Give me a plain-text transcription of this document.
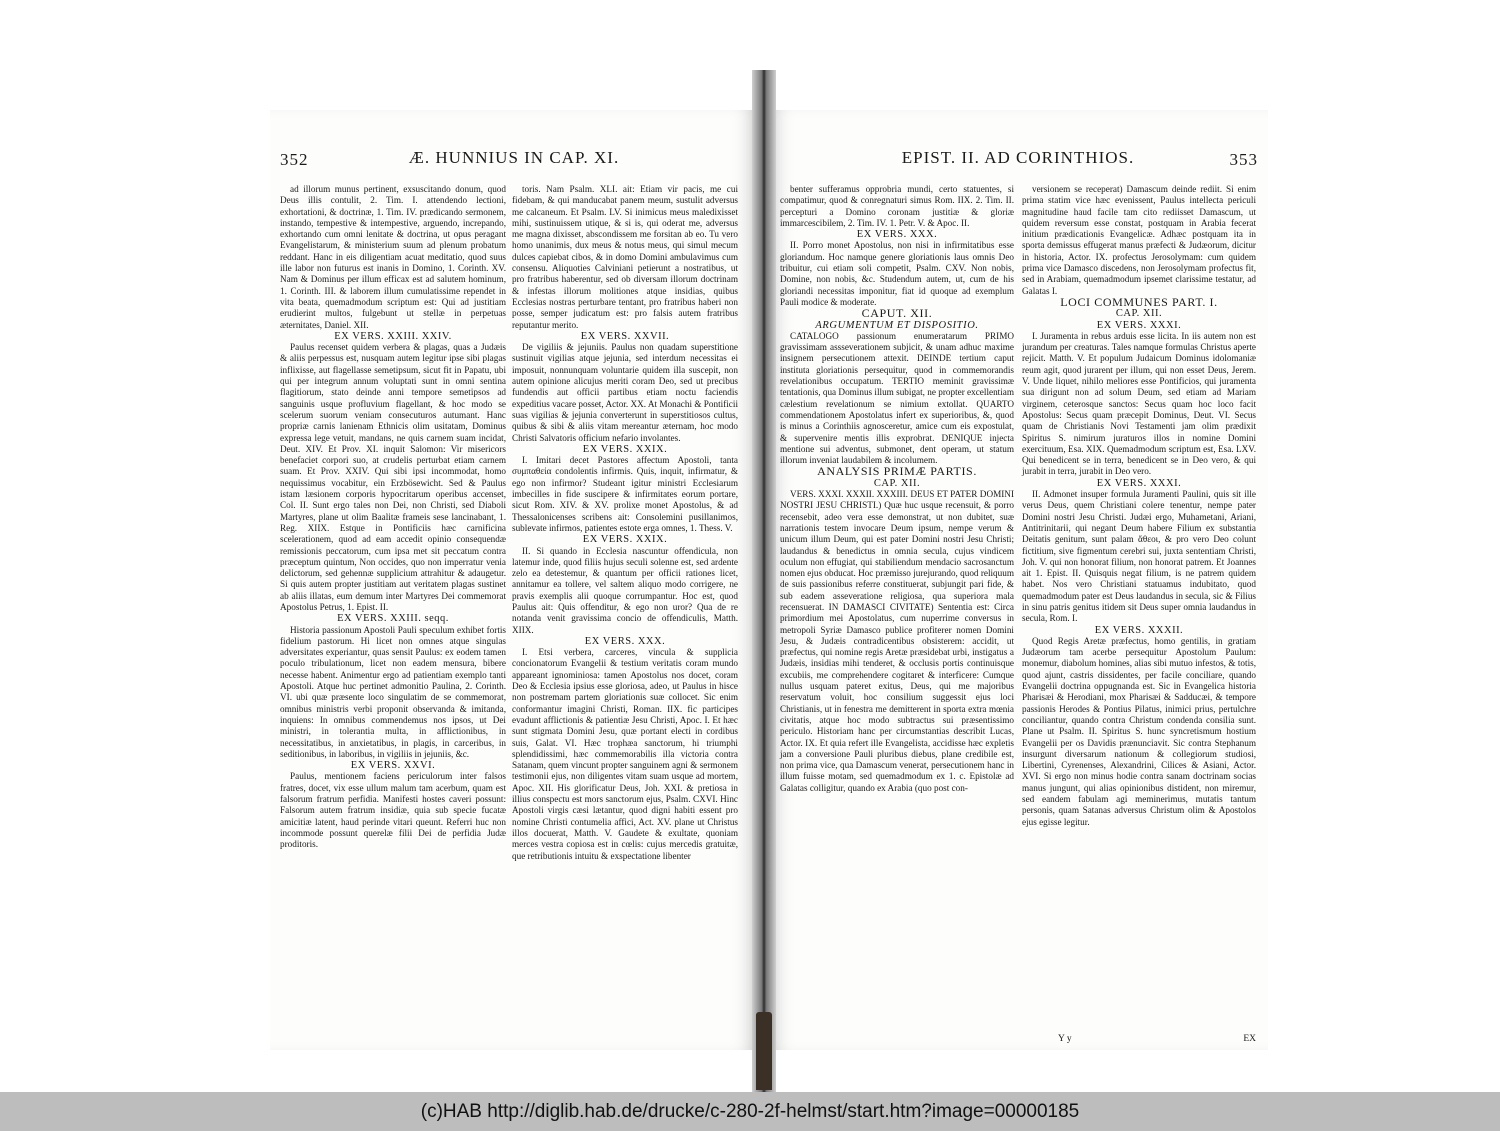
352	Æ. HUNNIUS IN CAP. XI.

ad illorum munus pertinent, exsuscitando donum, quod Deus illis contulit, 2. Tim. I. attendendo lectioni, exhortationi, & doctrinæ, 1. Tim. IV. prædicando sermonem, instando, tempestive & intempestive, arguendo, increpando, exhortando cum omni lenitate & doctrina, ut opus peragant Evangelistarum, & ministerium suum ad plenum probatum reddant. Hanc in eis diligentiam acuat meditatio, quod suus ille labor non futurus est inanis in Domino, 1. Corinth. XV. Nam & Dominus per illum efficax est ad salutem hominum, 1. Corinth. III. & laborem illum cumulatissime rependet in vita beata, quemadmodum scriptum est: Qui ad justitiam erudierint multos, fulgebunt ut stellæ in perpetuas æternitates, Daniel. XII.

EX VERS. XXIII. XXIV.

Paulus recenset quidem verbera & plagas, quas a Judæis & aliis perpessus est, nusquam autem legitur ipse sibi plagas inflixisse, aut flagellasse semetipsum, sicut fit in Papatu, ubi qui per integrum annum voluptati sunt in omni sentina flagitiorum, stato deinde anni tempore semetipsos ad sanguinis usque profluvium flagellant, & hoc modo se scelerum suorum veniam consecuturos autumant. Hanc propriæ carnis lanienam Ethnicis olim usitatam, Dominus expressa lege vetuit, mandans, ne quis carnem suam incidat, Deut. XIV. Et Prov. XI. inquit Salomon: Vir misericors benefaciet corpori suo, at crudelis perturbat etiam carnem suam. Et Prov. XXIV. Qui sibi ipsi incommodat, homo nequissimus vocabitur, ein Erzbösewicht. Sed & Paulus istam læsionem corporis hypocritarum operibus accenset, Col. II. Sunt ergo tales non Dei, non Christi, sed Diaboli Martyres, plane ut olim Baalitæ frameis sese lancinabant, 1. Reg. XIIX. Estque in Pontificiis hæc carnificina scelerationem, quod ad eam accedit opinio consequendæ remissionis peccatorum, cum ipsa met sit peccatum contra præceptum quintum, Non occides, quo non imperratur venia delictorum, sed gehennæ supplicium attrahitur & adaugetur. Si quis autem propter justitiam aut veritatem plagas sustinet ab aliis illatas, eum demum inter Martyres Dei commemorat Apostolus Petrus, 1. Epist. II.

EX VERS. XXIII. seqq.

Historia passionum Apostoli Pauli speculum exhibet fortis fidelium pastorum. Hi licet non omnes atque singulas adversitates experiantur, quas sensit Paulus: ex eodem tamen poculo tribulationum, licet non eadem mensura, bibere necesse habent. Animentur ergo ad patientiam exemplo tanti Apostoli. Atque huc pertinet admonitio Paulina, 2. Corinth. VI. ubi quæ præsente loco singulatim de se commemorat, omnibus ministris verbi proponit observanda & imitanda, inquiens: In omnibus commendemus nos ipsos, ut Dei ministri, in tolerantia multa, in afflictionibus, in necessitatibus, in anxietatibus, in plagis, in carceribus, in seditionibus, in laboribus, in vigiliis in jejuniis, &c.

EX VERS. XXVI.

Paulus, mentionem faciens periculorum inter falsos fratres, docet, vix esse ullum malum tam acerbum, quam est falsorum fratrum perfidia. Manifesti hostes caveri possunt: Falsorum autem fratrum insidiæ, quia sub specie fucatæ amicitiæ latent, haud perinde vitari queunt. Referri huc non incommode possunt querelæ filii Dei de perfidia Judæ proditoris.

toris. Nam Psalm. XLI. ait: Etiam vir pacis, me cui fidebam, & qui manducabat panem meum, sustulit adversus me calcaneum. Et Psalm. LV. Si inimicus meus maledixisset mihi, sustinuissem utique, & si is, qui oderat me, adversus me magna dixisset, abscondissem me forsitan ab eo. Tu vero homo unanimis, dux meus & notus meus, qui simul mecum dulces capiebat cibos, & in domo Domini ambulavimus cum consensu. Aliquoties Calviniani petierunt a nostratibus, ut pro fratribus haberentur, sed ob diversam illorum doctrinam & infestas illorum molitiones atque insidias, quibus Ecclesias nostras perturbare tentant, pro fratribus haberi non posse, semper judicatum est: pro falsis autem fratribus reputantur merito.

EX VERS. XXVII.

De vigiliis & jejuniis. Paulus non quadam superstitione sustinuit vigilias atque jejunia, sed interdum necessitas ei imposuit, nonnunquam voluntarie quidem illa suscepit, non autem opinione alicujus meriti coram Deo, sed ut precibus fundendis aut officii partibus etiam noctu faciendis expeditius vacare posset, Actor. XX. At Monachi & Pontificii suas vigilias & jejunia converterunt in superstitiosos cultus, quibus & sibi & aliis vitam mereantur æternam, hoc modo Christi Salvatoris officium nefario involantes.

EX VERS. XXIX.

I. Imitari decet Pastores affectum Apostoli, tanta συμπαθεία condolentis infirmis. Quis, inquit, infirmatur, & ego non infirmor? Studeant igitur ministri Ecclesiarum imbecilles in fide suscipere & infirmitates eorum portare, sicut Rom. XIV. & XV. prolixe monet Apostolus, & ad Thessalonicenses scribens ait: Consolemini pusillanimos, sublevate infirmos, patientes estote erga omnes, 1. Thess. V.

EX VERS. XXIX.

II. Si quando in Ecclesia nascuntur offendicula, non latemur inde, quod filiis hujus seculi solenne est, sed ardente zelo ea detestemur, & quantum per officii rationes licet, annitamur ea tollere, vel saltem aliquo modo corrigere, ne pravis exemplis alii quoque corrumpantur. Hoc est, quod Paulus ait: Quis offenditur, & ego non uror? Qua de re notanda venit gravissima concio de offendiculis, Matth. XIIX.

EX VERS. XXX.

I. Etsi verbera, carceres, vincula & supplicia concionatorum Evangelii & testium veritatis coram mundo appareant ignominiosa: tamen Apostolus nos docet, coram Deo & Ecclesia ipsius esse gloriosa, adeo, ut Paulus in hisce non postremam partem gloriationis suæ collocet. Sic enim conformantur imagini Christi, Roman. IIX. fic participes evadunt afflictionis & patientiæ Jesu Christi, Apoc. I. Et hæc sunt stigmata Domini Jesu, quæ portant electi in cordibus suis, Galat. VI. Hæc trophæa sanctorum, hi triumphi splendidissimi, hæc commemorabilis illa victoria contra Satanam, quem vincunt propter sanguinem agni & sermonem testimonii ejus, non diligentes vitam suam usque ad mortem, Apoc. XII. His glorificatur Deus, Joh. XXI. & pretiosa in illius conspectu est mors sanctorum ejus, Psalm. CXVI. Hinc Apostoli virgis cæsi lætantur, quod digni habiti essent pro nomine Christi contumelia affici, Act. XV. plane ut Christus illos docuerat, Matth. V. Gaudete & exultate, quoniam merces vestra copiosa est in cœlis: cujus mercedis gratuitæ, que retributionis intuitu & exspectatione libenter

EPIST. II. AD CORINTHIOS.	353

benter sufferamus opprobria mundi, certo statuentes, si compatimur, quod & conregnaturi simus Rom. IIX. 2. Tim. II. percepturi a Domino coronam justitiæ & gloriæ immarcescibilem, 2. Tim. IV. 1. Petr. V. & Apoc. II.

EX VERS. XXX.

II. Porro monet Apostolus, non nisi in infirmitatibus esse gloriandum. Hoc namque genere gloriationis laus omnis Deo tribuitur, cui etiam soli competit, Psalm. CXV. Non nobis, Domine, non nobis, &c. Studendum autem, ut, cum de his gloriandi necessitas imponitur, fiat id quoque ad exemplum Pauli modice & moderate.

CAPUT. XII.

ARGUMENTUM ET DISPOSITIO.

CATALOGO passionum enumeratarum PRIMO gravissimam assseverationem subjicit, & unam adhuc maxime insignem persecutionem attexit. DEINDE tertium caput instituta gloriationis persequitur, quod in commemorandis revelationibus occupatum. TERTIO meminit gravissimæ tentationis, qua Dominus illum subigat, ne propter excellentiam cælestium revelationum se nimium extollat. QUARTO commendationem Apostolatus infert ex superioribus, &, quod is minus a Corinthiis agnosceretur, amice cum eis expostulat, & supervenire mentis illis exprobrat. DENIQUE injecta mentione sui adventus, submonet, dent operam, ut statum illorum inveniat laudabilem & incolumem.

ANALYSIS PRIMÆ PARTIS.

CAP. XII.

VERS. XXXI. XXXII. XXXIII. DEUS ET PATER DOMINI NOSTRI JESU CHRISTI.) Quæ huc usque recensuit, & porro recensebit, adeo vera esse demonstrat, ut non dubitet, suæ narrationis testem invocare Deum ipsum, nempe verum & unicum illum Deum, qui est pater Domini nostri Jesu Christi; laudandus & benedictus in omnia secula, cujus vindicem oculum non effugiat, qui stabiliendum mendacio sacrosanctum nomen ejus obducat. Hoc præmisso jurejurando, quod reliquum de suis passionibus referre constituerat, subjungit pari fide, & sub eadem asseveratione religiosa, qua superiora mala recensuerat. IN DAMASCI CIVITATE) Sententia est: Circa primordium mei Apostolatus, cum nuperrime conversus in metropoli Syriæ Damasco publice profiterer nomen Domini Jesu, & Judæis contradicentibus obsisterem: accidit, ut præfectus, qui nomine regis Aretæ præsidebat urbi, instigatus a Judæis, insidias mihi tenderet, & occlusis portis continuisque excubiis, me comprehendere cogitaret & interficere: Cumque nullus usquam pateret exitus, Deus, qui me majoribus reservatum voluit, hoc consilium suggessit ejus loci Christianis, ut in fenestra me demitterent in sporta extra mœnia civitatis, atque hoc modo subtractus sui præsentissimo periculo. Historiam hanc per circumstantias describit Lucas, Actor. IX. Et quia refert ille Evangelista, accidisse hæc expletis jam a conversione Pauli pluribus diebus, plane credibile est, non prima vice, qua Damascum venerat, persecutionem hanc in illum fuisse motam, sed quemadmodum ex 1. c. Epistolæ ad Galatas colligitur, quando ex Arabia (quo post con-

versionem se receperat) Damascum deinde rediit. Si enim prima statim vice hæc evenissent, Paulus intellecta periculi magnitudine haud facile tam cito rediisset Damascum, ut quidem reversum esse constat, postquam in Arabia fecerat initium prædicationis Evangelicæ. Adhæc postquam ita in sporta demissus effugerat manus præfecti & Judæorum, dicitur in historia, Actor. IX. profectus Jerosolymam: cum quidem prima vice Damasco discedens, non Jerosolymam profectus fit, sed in Arabiam, quemadmodum ipsemet clarissime testatur, ad Galatas I.

LOCI COMMUNES PART. I.

CAP. XII.

EX VERS. XXXI.

I. Juramenta in rebus arduis esse licita. In iis autem non est jurandum per creaturas. Tales namque formulas Christus aperte rejicit. Matth. V. Et populum Judaicum Dominus idolomaniæ reum agit, quod jurarent per illum, qui non esset Deus, Jerem. V. Unde liquet, nihilo meliores esse Pontificios, qui juramenta sua dirigunt non ad solum Deum, sed etiam ad Mariam virginem, ceterosque sanctos: Secus quam hoc loco facit Apostolus: Secus quam præcepit Dominus, Deut. VI. Secus quam de Christianis Novi Testamenti jam olim prædixit Spiritus S. nimirum juraturos illos in nomine Domini exercituum, Esa. XIX. Quemadmodum scriptum est, Esa. LXV. Qui benedicent se in terra, benedicent se in Deo vero, & qui jurabit in terra, jurabit in Deo vero.

EX VERS. XXXI.

II. Admonet insuper formula Juramenti Paulini, quis sit ille verus Deus, quem Christiani colere tenentur, nempe pater Domini nostri Jesu Christi. Judæi ergo, Muhametani, Ariani, Antitrinitarii, qui negant Deum habere Filium ex substantia Deitatis genitum, sunt palam ἄθεοι, & pro vero Deo colunt fictitium, sive figmentum cerebri sui, juxta sententiam Christi, Joh. V. qui non honorat filium, non honorat patrem. Et Joannes ait 1. Epist. II. Quisquis negat filium, is ne patrem quidem habet. Nos vero Christiani statuamus indubitato, quod quemadmodum pater est Deus laudandus in secula, sic & Filius in sinu patris genitus itidem sit Deus super omnia laudandus in secula, Rom. I.

EX VERS. XXXII.

Quod Regis Aretæ præfectus, homo gentilis, in gratiam Judæorum tam acerbe persequitur Apostolum Paulum: monemur, diabolum homines, alias sibi mutuo infestos, & totis, quod ajunt, castris dissidentes, per facile conciliare, quando Evangelii doctrina oppugnanda est. Sic in Evangelica historia Pharisæi & Herodiani, mox Pharisæi & Sadducæi, & tempore passionis Herodes & Pontius Pilatus, inimici prius, pertulchre conciliantur, quando contra Christum condenda consilia sunt. Plane ut Psalm. II. Spiritus S. hunc syncretismum hostium Evangelii per os Davidis prænunciavit. Sic contra Stephanum insurgunt diversarum nationum & collegiorum studiosi, Libertini, Cyrenenses, Alexandrini, Cilices & Asiani, Actor. XVI. Si ergo non minus hodie contra sanam doctrinam socias manus jungunt, qui alias opinionibus distident, non miremur, sed eandem fabulam agi meminerimus, mutatis tantum personis, quam Satanas adversus Christum olim & Apostolos ejus egisse legitur.

Y y	EX
(c)HAB http://diglib.hab.de/drucke/c-280-2f-helmst/start.htm?image=00000185
